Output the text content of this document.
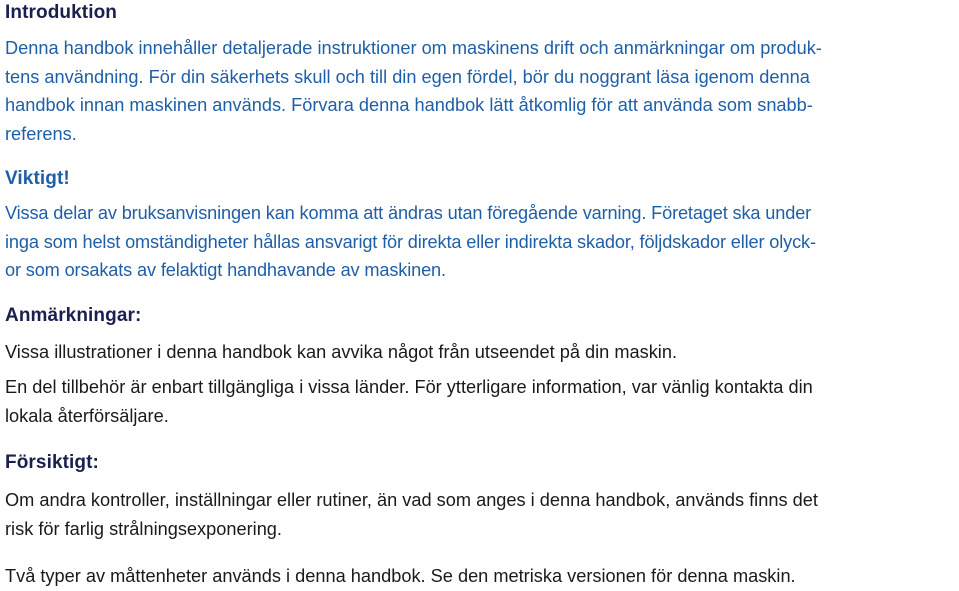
Introduktion

Denna handbok innehåller detaljerade instruktioner om maskinens drift och anmärkningar om produk-
tens användning. För din säkerhets skull och till din egen fördel, bör du noggrant läsa igenom denna
handbok innan maskinen används. Förvara denna handbok lätt åtkomlig för att använda som snabb-
referens.

Viktigt!

Vissa delar av bruksanvisningen kan komma att ändras utan föregående varning. Företaget ska under
inga som helst omständigheter hållas ansvarigt för direkta eller indirekta skador, följdskador eller olyck-
or som orsakats av felaktigt handhavande av maskinen.

Anmärkningar:

Vissa illustrationer i denna handbok kan avvika något från utseendet på din maskin.

En del tillbehör är enbart tillgängliga i vissa länder. För ytterligare information, var vänlig kontakta din
lokala återförsäljare.

Försiktigt:

Om andra kontroller, inställningar eller rutiner, än vad som anges i denna handbok, används finns det
risk för farlig strålningsexponering.

Två typer av måttenheter används i denna handbok. Se den metriska versionen för denna maskin.
